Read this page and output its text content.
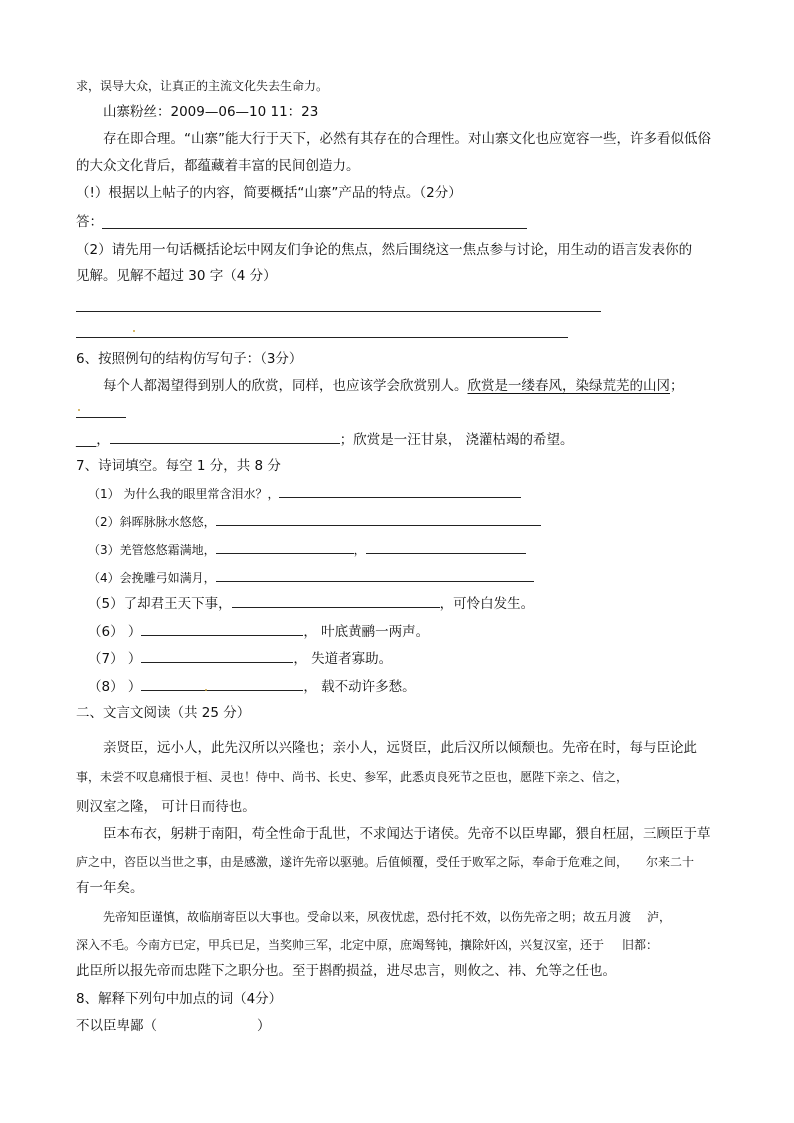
求，误导大众，让真正的主流文化失去生命力。
山寨粉丝：2009—06—10 11：23
存在即合理。“山寨”能大行于天下，必然有其存在的合理性。对山寨文化也应宽容一些，许多看似低俗
的大众文化背后，都蕴藏着丰富的民间创造力。
（!）根据以上帖子的内容，简要概括“山寨”产品的特点。（2分）
答：
（2）请先用一句话概括论坛中网友们争论的焦点，然后围绕这一焦点参与讨论，用生动的语言发表你的
见解。见解不超过 30 字（4 分）
6、按照例句的结构仿写句子：（3分）
每个人都渴望得到别人的欣赏，同样，也应该学会欣赏别人。欣赏是一缕春风，染绿荒芜的山冈；
___，	；欣赏是一汪甘泉， 浇灌枯竭的希望。
7、诗词填空。每空 1 分，共 8 分
（1） 为什么我的眼里常含泪水？，
（2）斜晖脉脉水悠悠，
（3）羌管悠悠霜满地，	，
（4）会挽雕弓如满月，
（5）了却君王天下事，	，可怜白发生。
（6） ）	， 叶底黄鹂一两声。
（7） ）	， 失道者寡助。
（8） ）	， 载不动许多愁。
二、文言文阅读（共 25 分）
亲贤臣，远小人，此先汉所以兴隆也；亲小人，远贤臣，此后汉所以倾颓也。先帝在时，每与臣论此
事，未尝不叹息痛恨于桓、灵也！侍中、尚书、长史、参军，此悉贞良死节之臣也，愿陛下亲之、信之，
则汉室之隆， 可计日而待也。
臣本布衣，躬耕于南阳，苟全性命于乱世，不求闻达于诸侯。先帝不以臣卑鄙，猥自枉屈，三顾臣于草
庐之中，咨臣以当世之事，由是感激，遂许先帝以驱驰。后值倾覆，受任于败军之际，奉命于危难之间， 尔来二十
有一年矣。
先帝知臣谨慎，故临崩寄臣以大事也。受命以来，夙夜忧虑，恐付托不效，以伤先帝之明；故五月渡 泸，
深入不毛。今南方已定，甲兵已足，当奖帅三军，北定中原，庶竭驽钝，攘除奸凶，兴复汉室，还于 旧都：
此臣所以报先帝而忠陛下之职分也。至于斟酌损益，进尽忠言，则攸之、祎、允等之任也。
8、解释下列句中加点的词（4分）
不以臣卑鄙（	）
